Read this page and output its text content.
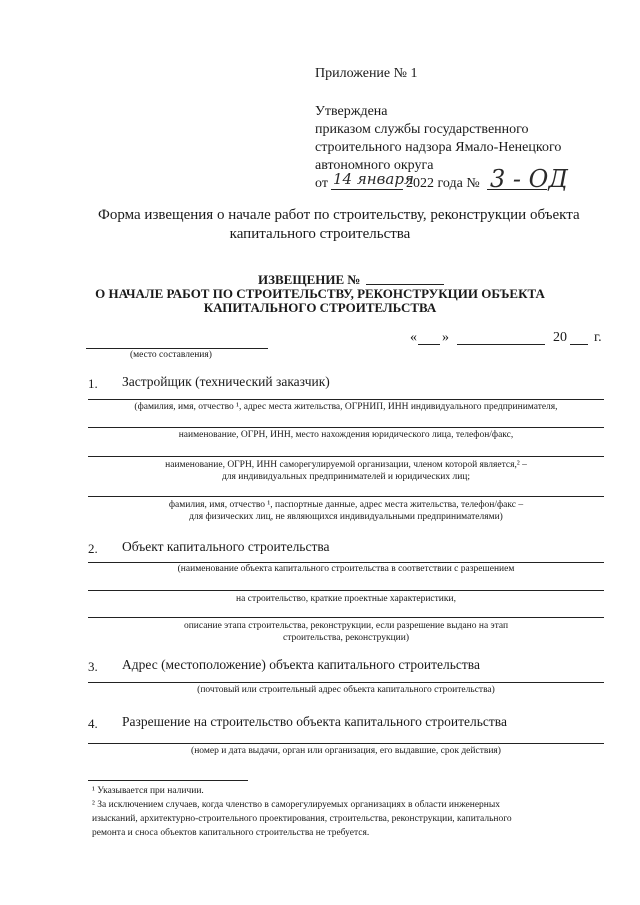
Приложение № 1
Утверждена
приказом службы государственного
строительного надзора Ямало-Ненецкого
автономного округа
от 14 января
2022 года № 3 - ОД
Форма извещения о начале работ по строительству, реконструкции объекта
капитального строительства
ИЗВЕЩЕНИЕ №
О НАЧАЛЕ РАБОТ ПО СТРОИТЕЛЬСТВУ, РЕКОНСТРУКЦИИ ОБЪЕКТА
КАПИТАЛЬНОГО СТРОИТЕЛЬСТВА
« »	20 г.
(место составления)
1. Застройщик (технический заказчик)
(фамилия, имя, отчество ¹, адрес места жительства, ОГРНИП, ИНН индивидуального предпринимателя,
наименование, ОГРН, ИНН, место нахождения юридического лица, телефон/факс,
наименование, ОГРН, ИНН саморегулируемой организации, членом которой является,² –
для индивидуальных предпринимателей и юридических лиц;
фамилия, имя, отчество ¹, паспортные данные, адрес места жительства, телефон/факс –
для физических лиц, не являющихся индивидуальными предпринимателями)
2. Объект капитального строительства
(наименование объекта капитального строительства в соответствии с разрешением
на строительство, краткие проектные характеристики,
описание этапа строительства, реконструкции, если разрешение выдано на этап
строительства, реконструкции)
3. Адрес (местоположение) объекта капитального строительства
(почтовый или строительный адрес объекта капитального строительства)
4. Разрешение на строительство объекта капитального строительства
(номер и дата выдачи, орган или организация, его выдавшие, срок действия)
¹ Указывается при наличии.
² За исключением случаев, когда членство в саморегулируемых организациях в области инженерных
изысканий, архитектурно-строительного проектирования, строительства, реконструкции, капитального
ремонта и сноса объектов капитального строительства не требуется.
